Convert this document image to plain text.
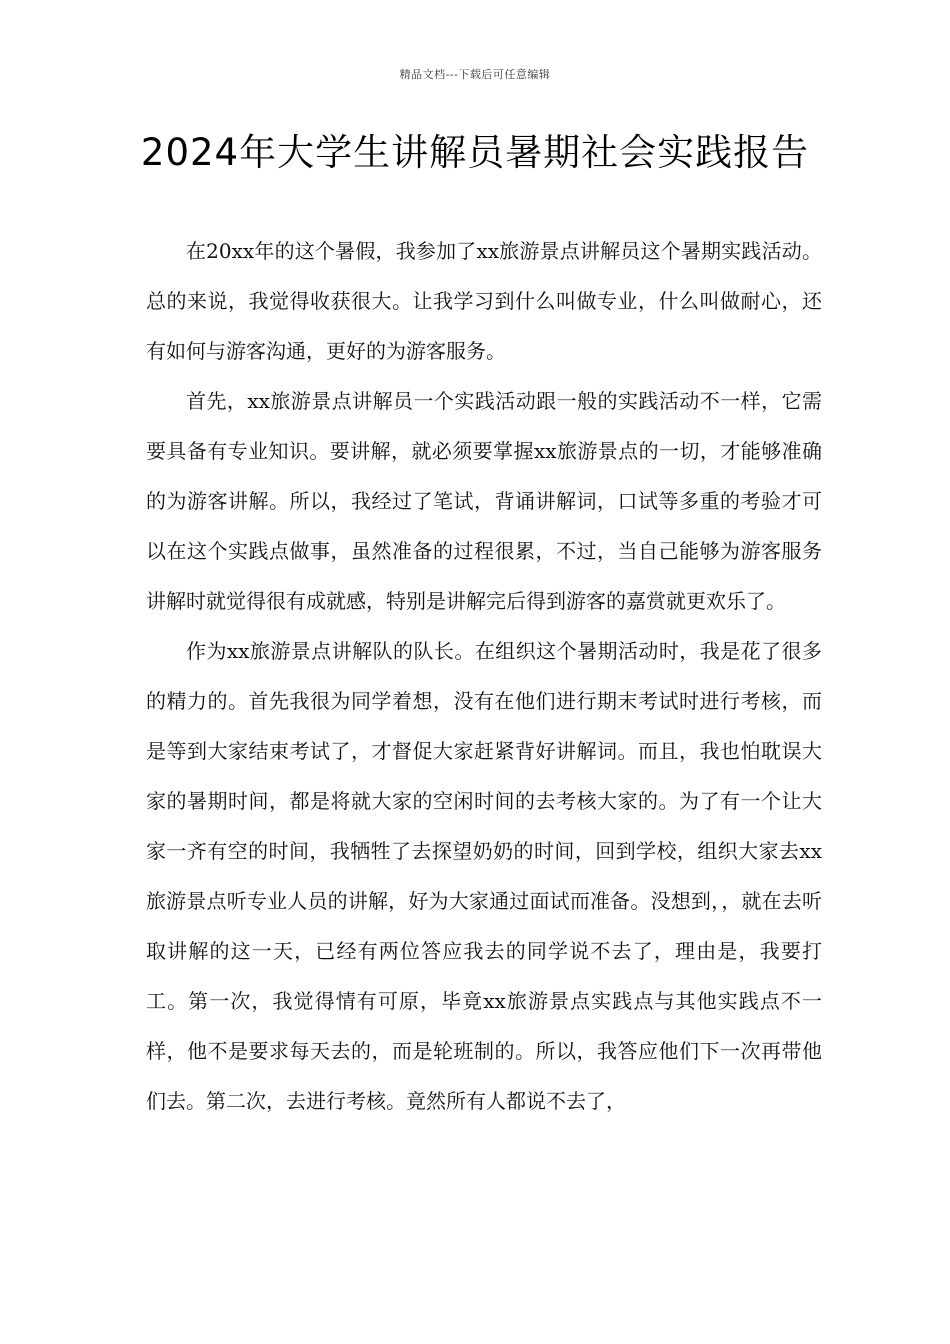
精品文档---下载后可任意编辑
2024年大学生讲解员暑期社会实践报告

在20xx年的这个暑假，我参加了xx旅游景点讲解员这个暑期实践活动。总的来说，我觉得收获很大。让我学习到什么叫做专业，什么叫做耐心，还有如何与游客沟通，更好的为游客服务。

首先，xx旅游景点讲解员一个实践活动跟一般的实践活动不一样，它需要具备有专业知识。要讲解，就必须要掌握xx旅游景点的一切，才能够准确的为游客讲解。所以，我经过了笔试，背诵讲解词，口试等多重的考验才可以在这个实践点做事，虽然准备的过程很累，不过，当自己能够为游客服务讲解时就觉得很有成就感，特别是讲解完后得到游客的嘉赏就更欢乐了。

作为xx旅游景点讲解队的队长。在组织这个暑期活动时，我是花了很多的精力的。首先我很为同学着想，没有在他们进行期末考试时进行考核，而是等到大家结束考试了，才督促大家赶紧背好讲解词。而且，我也怕耽误大家的暑期时间，都是将就大家的空闲时间的去考核大家的。为了有一个让大家一齐有空的时间，我牺牲了去探望奶奶的时间，回到学校，组织大家去xx旅游景点听专业人员的讲解，好为大家通过面试而准备。没想到，，就在去听取讲解的这一天，已经有两位答应我去的同学说不去了，理由是，我要打工。第一次，我觉得情有可原，毕竟xx旅游景点实践点与其他实践点不一样，他不是要求每天去的，而是轮班制的。所以，我答应他们下一次再带他们去。第二次，去进行考核。竟然所有人都说不去了，
